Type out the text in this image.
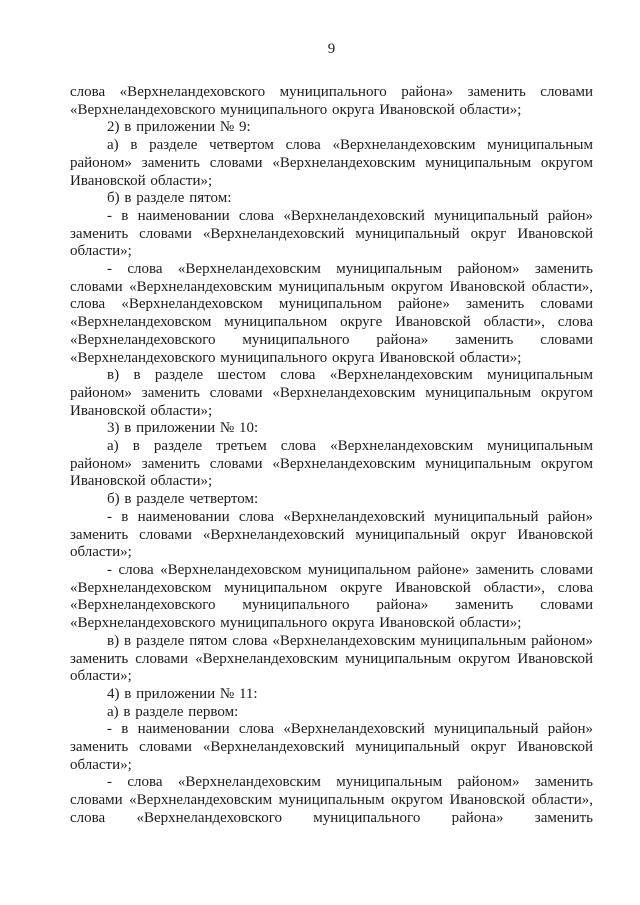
9

слова «Верхнеландеховского муниципального района» заменить словами «Верхнеландеховского муниципального округа Ивановской области»;

2) в приложении № 9:

а) в разделе четвертом слова «Верхнеландеховским муниципальным районом» заменить словами «Верхнеландеховским муниципальным округом Ивановской области»;

б) в разделе пятом:

- в наименовании слова «Верхнеландеховский муниципальный район» заменить словами «Верхнеландеховский муниципальный округ Ивановской области»;

- слова «Верхнеландеховским муниципальным районом» заменить словами «Верхнеландеховским муниципальным округом Ивановской области», слова «Верхнеландеховском муниципальном районе» заменить словами «Верхнеландеховском муниципальном округе Ивановской области», слова «Верхнеландеховского муниципального района» заменить словами «Верхнеландеховского муниципального округа Ивановской области»;

в) в разделе шестом слова «Верхнеландеховским муниципальным районом» заменить словами «Верхнеландеховским муниципальным округом Ивановской области»;

3) в приложении № 10:

а) в разделе третьем слова «Верхнеландеховским муниципальным районом» заменить словами «Верхнеландеховским муниципальным округом Ивановской области»;

б) в разделе четвертом:

- в наименовании слова «Верхнеландеховский муниципальный район» заменить словами «Верхнеландеховский муниципальный округ Ивановской области»;

- слова «Верхнеландеховском муниципальном районе» заменить словами «Верхнеландеховском муниципальном округе Ивановской области», слова «Верхнеландеховского муниципального района» заменить словами «Верхнеландеховского муниципального округа Ивановской области»;

в) в разделе пятом слова «Верхнеландеховским муниципальным районом» заменить словами «Верхнеландеховским муниципальным округом Ивановской области»;

4) в приложении № 11:

а) в разделе первом:

- в наименовании слова «Верхнеландеховский муниципальный район» заменить словами «Верхнеландеховский муниципальный округ Ивановской области»;

- слова «Верхнеландеховским муниципальным районом» заменить словами «Верхнеландеховским муниципальным округом Ивановской области», слова «Верхнеландеховского муниципального района» заменить
